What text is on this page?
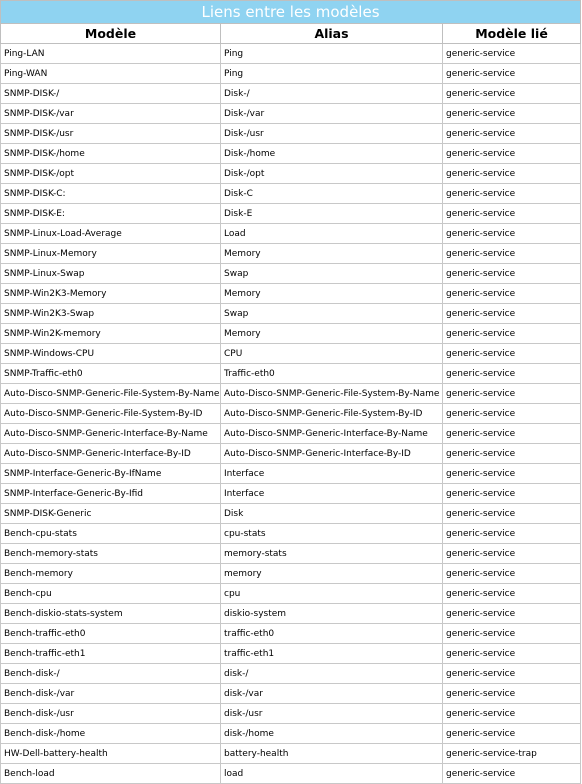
Liens entre les modèles		
Modèle	Alias	Modèle lié
Ping-LAN	Ping	generic-service
Ping-WAN	Ping	generic-service
SNMP-DISK-/	Disk-/	generic-service
SNMP-DISK-/var	Disk-/var	generic-service
SNMP-DISK-/usr	Disk-/usr	generic-service
SNMP-DISK-/home	Disk-/home	generic-service
SNMP-DISK-/opt	Disk-/opt	generic-service
SNMP-DISK-C:	Disk-C	generic-service
SNMP-DISK-E:	Disk-E	generic-service
SNMP-Linux-Load-Average	Load	generic-service
SNMP-Linux-Memory	Memory	generic-service
SNMP-Linux-Swap	Swap	generic-service
SNMP-Win2K3-Memory	Memory	generic-service
SNMP-Win2K3-Swap	Swap	generic-service
SNMP-Win2K-memory	Memory	generic-service
SNMP-Windows-CPU	CPU	generic-service
SNMP-Traffic-eth0	Traffic-eth0	generic-service
Auto-Disco-SNMP-Generic-File-System-By-Name	Auto-Disco-SNMP-Generic-File-System-By-Name	generic-service
Auto-Disco-SNMP-Generic-File-System-By-ID	Auto-Disco-SNMP-Generic-File-System-By-ID	generic-service
Auto-Disco-SNMP-Generic-Interface-By-Name	Auto-Disco-SNMP-Generic-Interface-By-Name	generic-service
Auto-Disco-SNMP-Generic-Interface-By-ID	Auto-Disco-SNMP-Generic-Interface-By-ID	generic-service
SNMP-Interface-Generic-By-IfName	Interface	generic-service
SNMP-Interface-Generic-By-Ifid	Interface	generic-service
SNMP-DISK-Generic	Disk	generic-service
Bench-cpu-stats	cpu-stats	generic-service
Bench-memory-stats	memory-stats	generic-service
Bench-memory	memory	generic-service
Bench-cpu	cpu	generic-service
Bench-diskio-stats-system	diskio-system	generic-service
Bench-traffic-eth0	traffic-eth0	generic-service
Bench-traffic-eth1	traffic-eth1	generic-service
Bench-disk-/	disk-/	generic-service
Bench-disk-/var	disk-/var	generic-service
Bench-disk-/usr	disk-/usr	generic-service
Bench-disk-/home	disk-/home	generic-service
HW-Dell-battery-health	battery-health	generic-service-trap
Bench-load	load	generic-service
